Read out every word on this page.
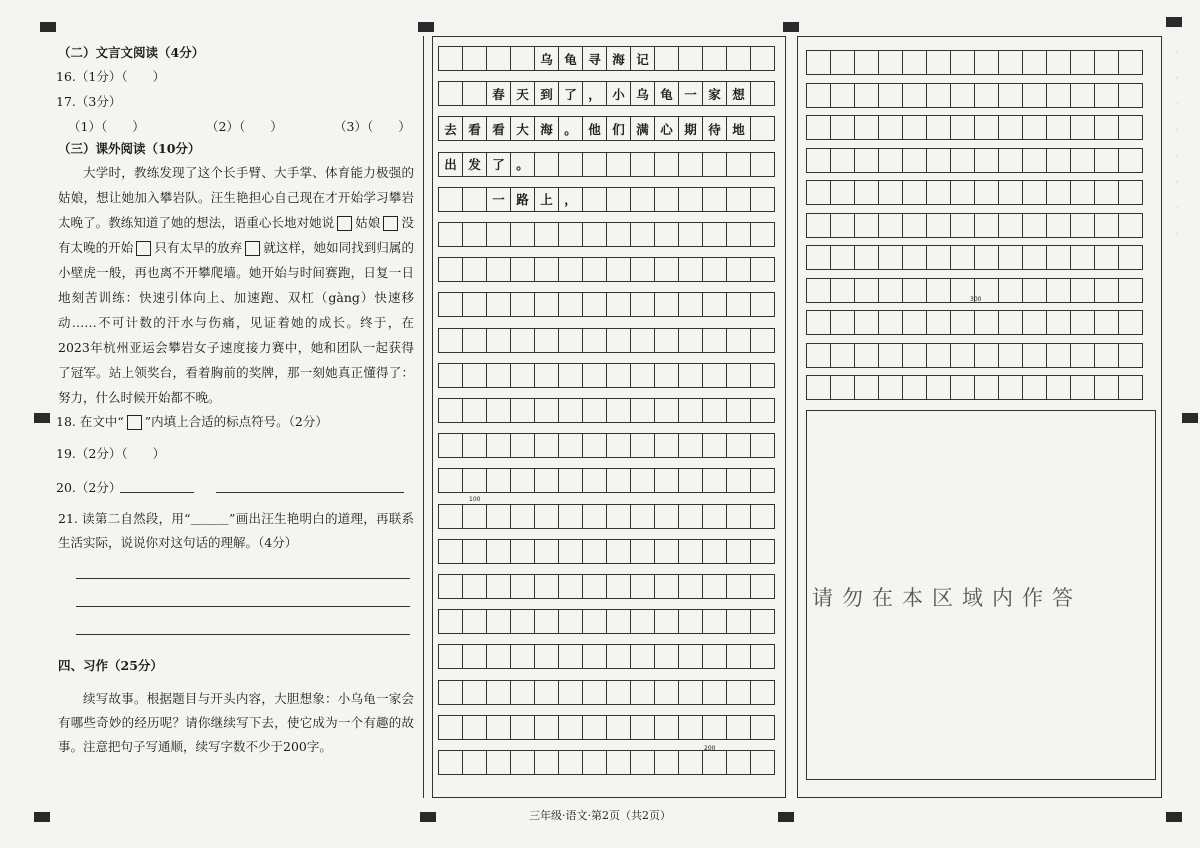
（二）文言文阅读（4分）
16.（1分）（　　）
17.（3分）
（1）（　　）	（2）（　　）	（3）（　　）
（三）课外阅读（10分）
大学时，教练发现了这个长手臂、大手掌、体育能力极强的姑娘，想让她加入攀岩队。汪生艳担心自己现在才开始学习攀岩太晚了。教练知道了她的想法，语重心长地对她说 姑娘 没有太晚的开始 只有太早的放弃 就这样，她如同找到归属的小壁虎一般，再也离不开攀爬墙。她开始与时间赛跑，日复一日地刻苦训练：快速引体向上、加速跑、双杠（gàng）快速移动……不可计数的汗水与伤痛，见证着她的成长。终于，在2023年杭州亚运会攀岩女子速度接力赛中，她和团队一起获得了冠军。站上领奖台，看着胸前的奖牌，那一刻她真正懂得了：努力，什么时候开始都不晚。
18. 在文中“ ”内填上合适的标点符号。（2分）
19.（2分）（　　）
20.（2分）
21. 读第二自然段，用“＿＿＿”画出汪生艳明白的道理，再联系生活实际，说说你对这句话的理解。（4分）
四、习作（25分）
续写故事。根据题目与开头内容，大胆想象：小乌龟一家会有哪些奇妙的经历呢？请你继续写下去，使它成为一个有趣的故事。注意把句子写通顺，续写字数不少于200字。
乌 龟 寻 海 记
春 天 到 了 ， 小 乌 龟 一 家 想
去 看 看 大 海 。 他 们 满 心 期 待 地
出 发 了 。
一 路 上 ，
100
200
300
请勿在本区域内作答
·
·
·
·
·
·
·
·
三年级·语文·第2页（共2页）
